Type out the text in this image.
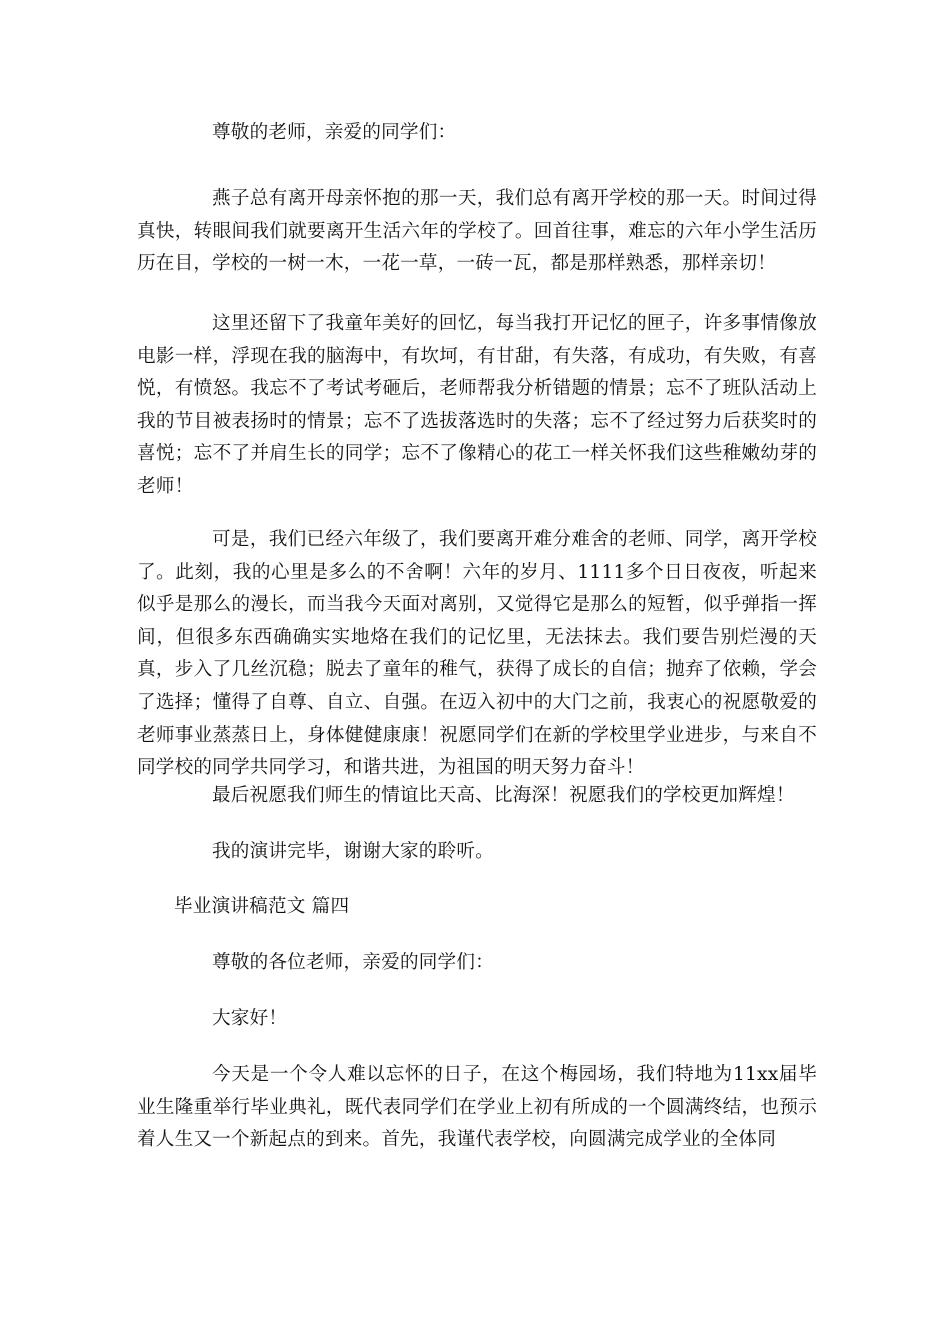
尊敬的老师，亲爱的同学们：

燕子总有离开母亲怀抱的那一天，我们总有离开学校的那一天。时间过得真快，转眼间我们就要离开生活六年的学校了。回首往事，难忘的六年小学生活历历在目，学校的一树一木，一花一草，一砖一瓦，都是那样熟悉，那样亲切！

这里还留下了我童年美好的回忆，每当我打开记忆的匣子，许多事情像放电影一样，浮现在我的脑海中，有坎坷，有甘甜，有失落，有成功，有失败，有喜悦，有愤怒。我忘不了考试考砸后，老师帮我分析错题的情景；忘不了班队活动上我的节目被表扬时的情景；忘不了选拔落选时的失落；忘不了经过努力后获奖时的喜悦；忘不了并肩生长的同学；忘不了像精心的花工一样关怀我们这些稚嫩幼芽的老师！

可是，我们已经六年级了，我们要离开难分难舍的老师、同学，离开学校了。此刻，我的心里是多么的不舍啊！六年的岁月、1111多个日日夜夜，听起来似乎是那么的漫长，而当我今天面对离别，又觉得它是那么的短暂，似乎弹指一挥间，但很多东西确确实实地烙在我们的记忆里，无法抹去。我们要告别烂漫的天真，步入了几丝沉稳；脱去了童年的稚气，获得了成长的自信；抛弃了依赖，学会了选择；懂得了自尊、自立、自强。在迈入初中的大门之前，我衷心的祝愿敬爱的老师事业蒸蒸日上，身体健健康康！祝愿同学们在新的学校里学业进步，与来自不同学校的同学共同学习，和谐共进，为祖国的明天努力奋斗！

最后祝愿我们师生的情谊比天高、比海深！祝愿我们的学校更加辉煌！

我的演讲完毕，谢谢大家的聆听。

毕业演讲稿范文 篇四

尊敬的各位老师，亲爱的同学们：

大家好！

今天是一个令人难以忘怀的日子，在这个梅园场，我们特地为11xx届毕业生隆重举行毕业典礼，既代表同学们在学业上初有所成的一个圆满终结，也预示着人生又一个新起点的到来。首先，我谨代表学校，向圆满完成学业的全体同
